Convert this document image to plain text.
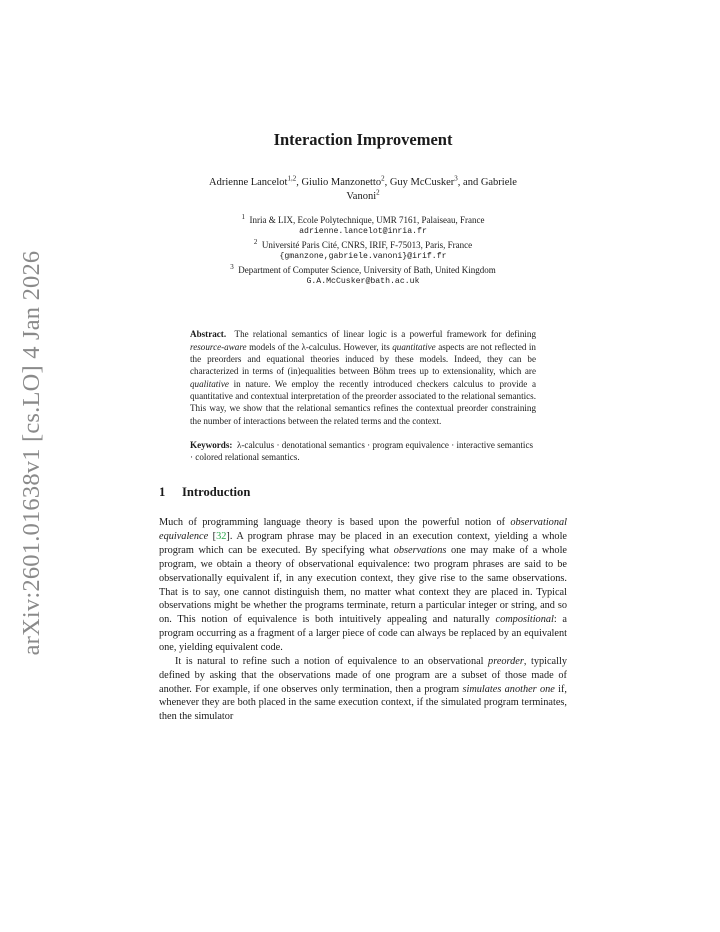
arXiv:2601.01638v1 [cs.LO] 4 Jan 2026
Interaction Improvement
Adrienne Lancelot$^{1,2}$, Giulio Manzonetto$^2$, Guy McCusker$^3$, and Gabriele
Vanoni$^2$
$^1$ Inria & LIX, Ecole Polytechnique, UMR 7161, Palaiseau, France
adrienne.lancelot@inria.fr
$^2$ Université Paris Cité, CNRS, IRIF, F-75013, Paris, France
{gmanzone,gabriele.vanoni}@irif.fr
$^3$ Department of Computer Science, University of Bath, United Kingdom
G.A.McCusker@bath.ac.uk
Abstract. The relational semantics of linear logic is a powerful framework for defining resource-aware models of the λ-calculus. However, its quantitative aspects are not reflected in the preorders and equational theories induced by these models. Indeed, they can be characterized in terms of (in)equalities between Böhm trees up to extensionality, which are qualitative in nature. We employ the recently introduced checkers calculus to provide a quantitative and contextual interpretation of the preorder associated to the relational semantics. This way, we show that the relational semantics refines the contextual preorder constraining the number of interactions between the related terms and the context.
Keywords: λ-calculus · denotational semantics · program equivalence · interactive semantics · colored relational semantics.
1 Introduction

Much of programming language theory is based upon the powerful notion of observational equivalence [32]. A program phrase may be placed in an execution context, yielding a whole program which can be executed. By specifying what observations one may make of a whole program, we obtain a theory of observational equivalence: two program phrases are said to be observationally equivalent if, in any execution context, they give rise to the same observations. That is to say, one cannot distinguish them, no matter what context they are placed in. Typical observations might be whether the programs terminate, return a particular integer or string, and so on. This notion of equivalence is both intuitively appealing and naturally compositional: a program occurring as a fragment of a larger piece of code can always be replaced by an equivalent one, yielding equivalent code.

It is natural to refine such a notion of equivalence to an observational preorder, typically defined by asking that the observations made of one program are a subset of those made of another. For example, if one observes only termination, then a program simulates another one if, whenever they are both placed in the same execution context, if the simulated program terminates, then the simulator
